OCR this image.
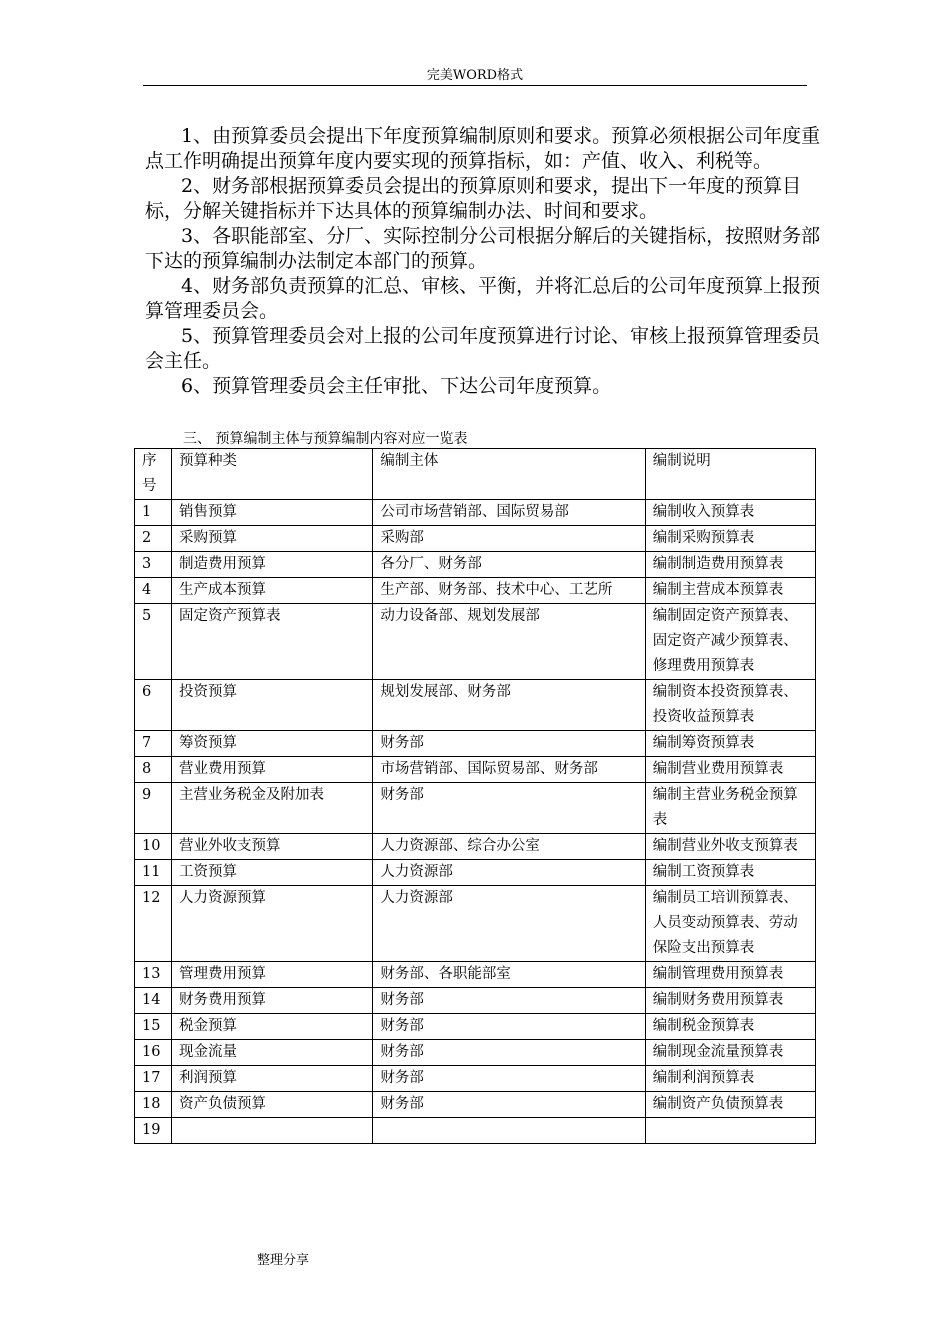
完美WORD格式

1、由预算委员会提出下年度预算编制原则和要求。预算必须根据公司年度重点工作明确提出预算年度内要实现的预算指标，如：产值、收入、利税等。

2、财务部根据预算委员会提出的预算原则和要求，提出下一年度的预算目标，分解关键指标并下达具体的预算编制办法、时间和要求。

3、各职能部室、分厂、实际控制分公司根据分解后的关键指标，按照财务部下达的预算编制办法制定本部门的预算。

4、财务部负责预算的汇总、审核、平衡，并将汇总后的公司年度预算上报预算管理委员会。

5、预算管理委员会对上报的公司年度预算进行讨论、审核上报预算管理委员会主任。

6、预算管理委员会主任审批、下达公司年度预算。

三、 预算编制主体与预算编制内容对应一览表
序号	预算种类	编制主体	编制说明
1	销售预算	公司市场营销部、国际贸易部	编制收入预算表
2	采购预算	采购部	编制采购预算表
3	制造费用预算	各分厂、财务部	编制制造费用预算表
4	生产成本预算	生产部、财务部、技术中心、工艺所	编制主营成本预算表
5	固定资产预算表	动力设备部、规划发展部	编制固定资产预算表、固定资产减少预算表、修理费用预算表
6	投资预算	规划发展部、财务部	编制资本投资预算表、投资收益预算表
7	筹资预算	财务部	编制筹资预算表
8	营业费用预算	市场营销部、国际贸易部、财务部	编制营业费用预算表
9	主营业务税金及附加表	财务部	编制主营业务税金预算表
10	营业外收支预算	人力资源部、综合办公室	编制营业外收支预算表
11	工资预算	人力资源部	编制工资预算表
12	人力资源预算	人力资源部	编制员工培训预算表、人员变动预算表、劳动保险支出预算表
13	管理费用预算	财务部、各职能部室	编制管理费用预算表
14	财务费用预算	财务部	编制财务费用预算表
15	税金预算	财务部	编制税金预算表
16	现金流量	财务部	编制现金流量预算表
17	利润预算	财务部	编制利润预算表
18	资产负债预算	财务部	编制资产负债预算表
19			
整理分享
